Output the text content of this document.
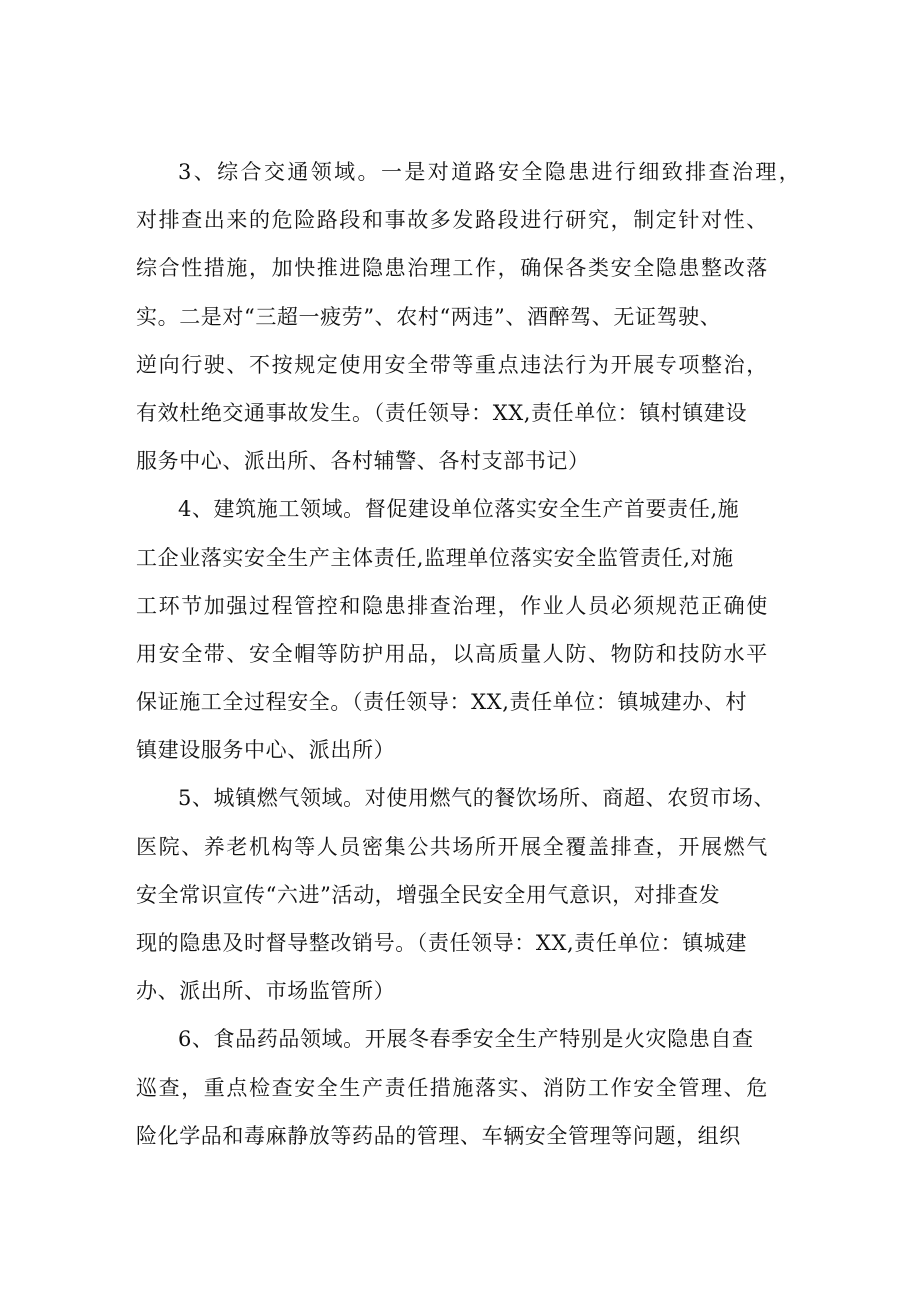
3、综合交通领域。一是对道路安全隐患进行细致排查治理，
对排查出来的危险路段和事故多发路段进行研究，制定针对性、
综合性措施，加快推进隐患治理工作，确保各类安全隐患整改落
实。二是对“三超一疲劳”、农村“两违”、酒醉驾、无证驾驶、
逆向行驶、不按规定使用安全带等重点违法行为开展专项整治，
有效杜绝交通事故发生。（责任领导：XX,责任单位：镇村镇建设
服务中心、派出所、各村辅警、各村支部书记）
4、建筑施工领域。督促建设单位落实安全生产首要责任,施
工企业落实安全生产主体责任,监理单位落实安全监管责任,对施
工环节加强过程管控和隐患排查治理，作业人员必须规范正确使
用安全带、安全帽等防护用品，以高质量人防、物防和技防水平
保证施工全过程安全。（责任领导：XX,责任单位：镇城建办、村
镇建设服务中心、派出所）
5、城镇燃气领域。对使用燃气的餐饮场所、商超、农贸市场、
医院、养老机构等人员密集公共场所开展全覆盖排查，开展燃气
安全常识宣传“六进”活动，增强全民安全用气意识，对排查发
现的隐患及时督导整改销号。（责任领导：XX,责任单位：镇城建
办、派出所、市场监管所）
6、食品药品领域。开展冬春季安全生产特别是火灾隐患自查
巡查，重点检查安全生产责任措施落实、消防工作安全管理、危
险化学品和毒麻静放等药品的管理、车辆安全管理等问题，组织
